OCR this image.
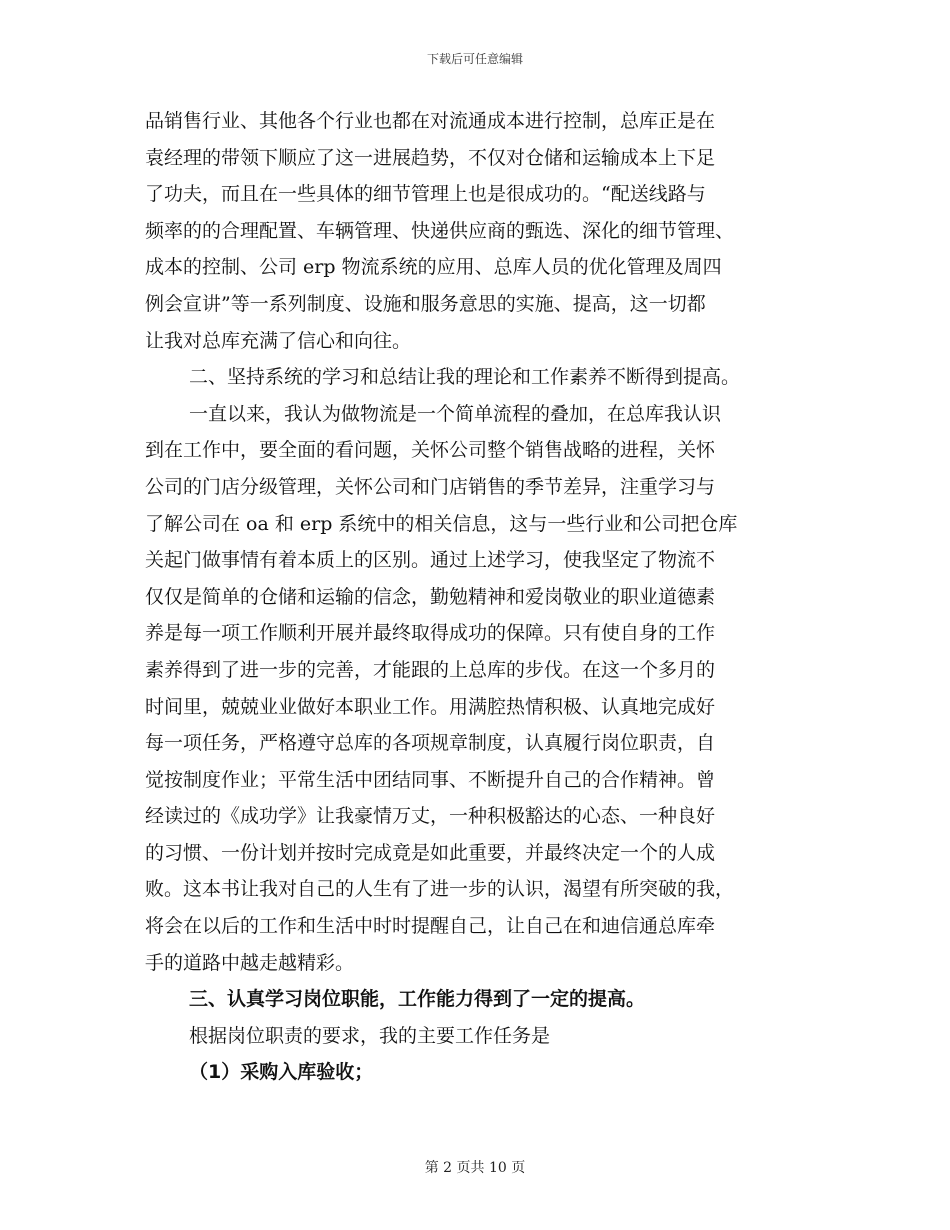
下载后可任意编辑
品销售行业、其他各个行业也都在对流通成本进行控制，总库正是在
袁经理的带领下顺应了这一进展趋势，不仅对仓储和运输成本上下足
了功夫，而且在一些具体的细节管理上也是很成功的。“配送线路与
频率的的合理配置、车辆管理、快递供应商的甄选、深化的细节管理、
成本的控制、公司 erp 物流系统的应用、总库人员的优化管理及周四
例会宣讲”等一系列制度、设施和服务意思的实施、提高，这一切都
让我对总库充满了信心和向往。
二、坚持系统的学习和总结让我的理论和工作素养不断得到提高。
一直以来，我认为做物流是一个简单流程的叠加，在总库我认识
到在工作中，要全面的看问题，关怀公司整个销售战略的进程，关怀
公司的门店分级管理，关怀公司和门店销售的季节差异，注重学习与
了解公司在 oa 和 erp 系统中的相关信息，这与一些行业和公司把仓库
关起门做事情有着本质上的区别。通过上述学习，使我坚定了物流不
仅仅是简单的仓储和运输的信念，勤勉精神和爱岗敬业的职业道德素
养是每一项工作顺利开展并最终取得成功的保障。只有使自身的工作
素养得到了进一步的完善，才能跟的上总库的步伐。在这一个多月的
时间里，兢兢业业做好本职业工作。用满腔热情积极、认真地完成好
每一项任务，严格遵守总库的各项规章制度，认真履行岗位职责，自
觉按制度作业；平常生活中团结同事、不断提升自己的合作精神。曾
经读过的《成功学》让我豪情万丈，一种积极豁达的心态、一种良好
的习惯、一份计划并按时完成竟是如此重要，并最终决定一个的人成
败。这本书让我对自己的人生有了进一步的认识，渴望有所突破的我，
将会在以后的工作和生活中时时提醒自己，让自己在和迪信通总库牵
手的道路中越走越精彩。
三、认真学习岗位职能，工作能力得到了一定的提高。
根据岗位职责的要求，我的主要工作任务是
（1）采购入库验收；
第 2 页共 10 页
